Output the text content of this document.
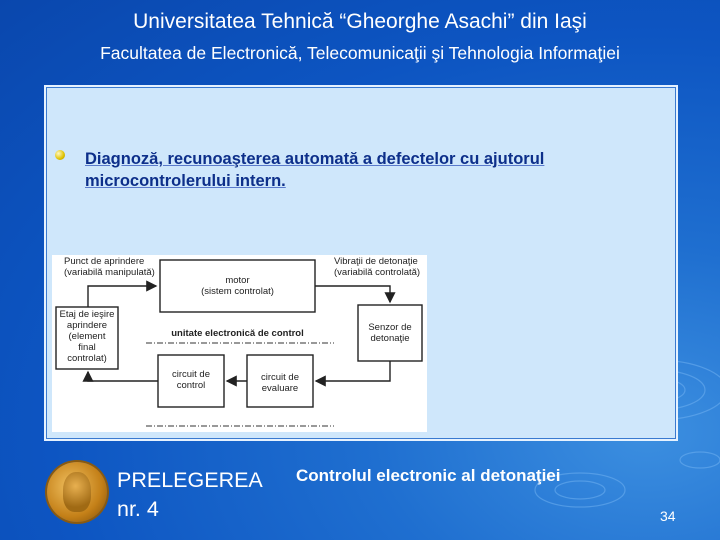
Universitatea Tehnică “Gheorghe Asachi” din Iaşi
Facultatea de Electronică, Telecomunicaţii şi Tehnologia Informaţiei
Diagnoză, recunoaşterea automată a defectelor cu ajutorul
microcontrolerului intern.
Punct de aprindere
(variabilă manipulată)
Vibraţii de detonaţie
(variabilă controlată)
motor
(sistem controlat)
Etaj de ieşire
aprindere
(element
final
controlat)
unitate electronică de control
Senzor de
detonaţie
circuit de
control
circuit de
evaluare
PRELEGEREA
nr. 4
Controlul electronic al detonaţiei
34
